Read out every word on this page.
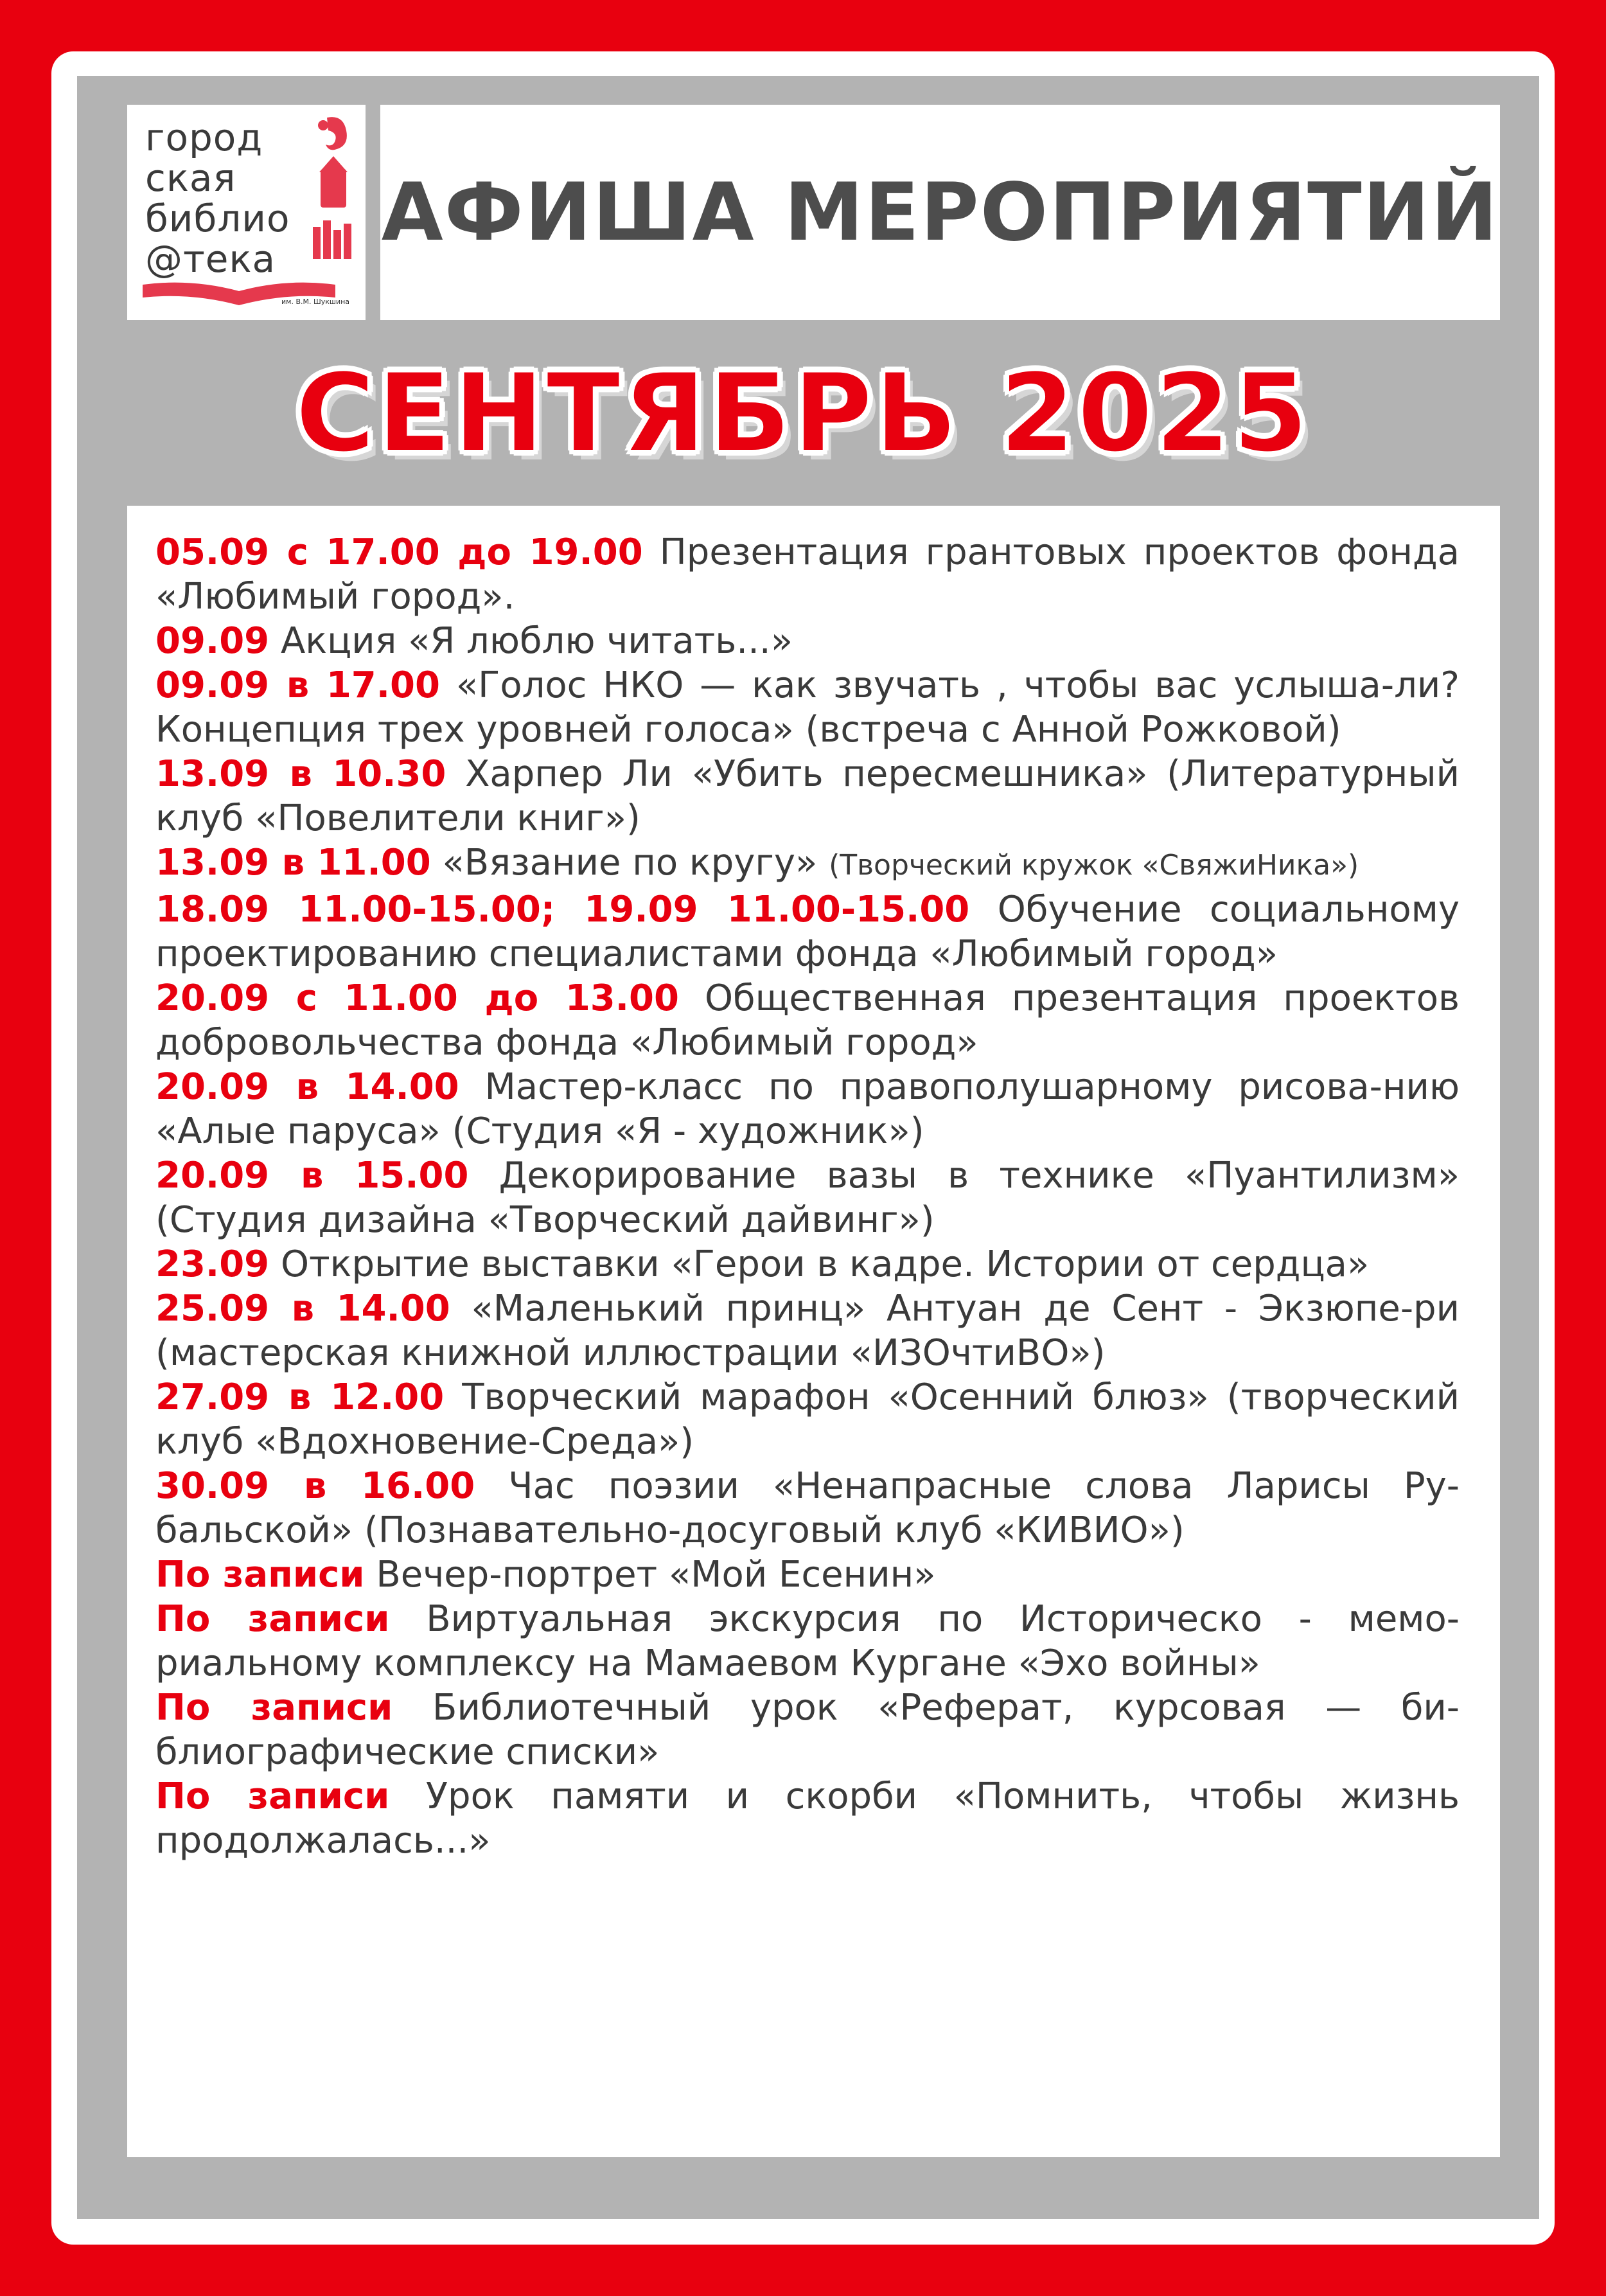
город
ская
библио
@тека
им. В.М. Шукшина
АФИША МЕРОПРИЯТИЙ
СЕНТЯБРЬ 2025

05.09 с 17.00 до 19.00 Презентация грантовых проектов фонда «Любимый город».

09.09 Акция «Я люблю читать...»

09.09 в 17.00 «Голос НКО — как звучать , чтобы вас услыша-ли? Концепция трех уровней голоса» (встреча с Анной Рожковой)

13.09 в 10.30 Харпер Ли «Убить пересмешника» (Литературный клуб «Повелители книг»)

13.09 в 11.00 «Вязание по кругу» (Творческий кружок «СвяжиНика»)

18.09 11.00-15.00; 19.09 11.00-15.00 Обучение социальному проектированию специалистами фонда «Любимый город»

20.09 с 11.00 до 13.00 Общественная презентация проектов добровольчества фонда «Любимый город»

20.09 в 14.00 Мастер-класс по правополушарному рисова-нию «Алые паруса» (Студия «Я - художник»)

20.09 в 15.00 Декорирование вазы в технике «Пуантилизм» (Студия дизайна «Творческий дайвинг»)

23.09 Открытие выставки «Герои в кадре. Истории от сердца»

25.09 в 14.00 «Маленький принц» Антуан де Сент - Экзюпе-ри (мастерская книжной иллюстрации «ИЗОчтиВО»)

27.09 в 12.00 Творческий марафон «Осенний блюз» (творческий клуб «Вдохновение-Среда»)

30.09 в 16.00 Час поэзии «Ненапрасные слова Ларисы Ру-бальской» (Познавательно-досуговый клуб «КИВИО»)

По записи Вечер-портрет «Мой Есенин»

По записи Виртуальная экскурсия по Историческо - мемо-риальному комплексу на Мамаевом Кургане «Эхо войны»

По записи Библиотечный урок «Реферат, курсовая — би-блиографические списки»

По записи Урок памяти и скорби «Помнить, чтобы жизнь продолжалась...»
